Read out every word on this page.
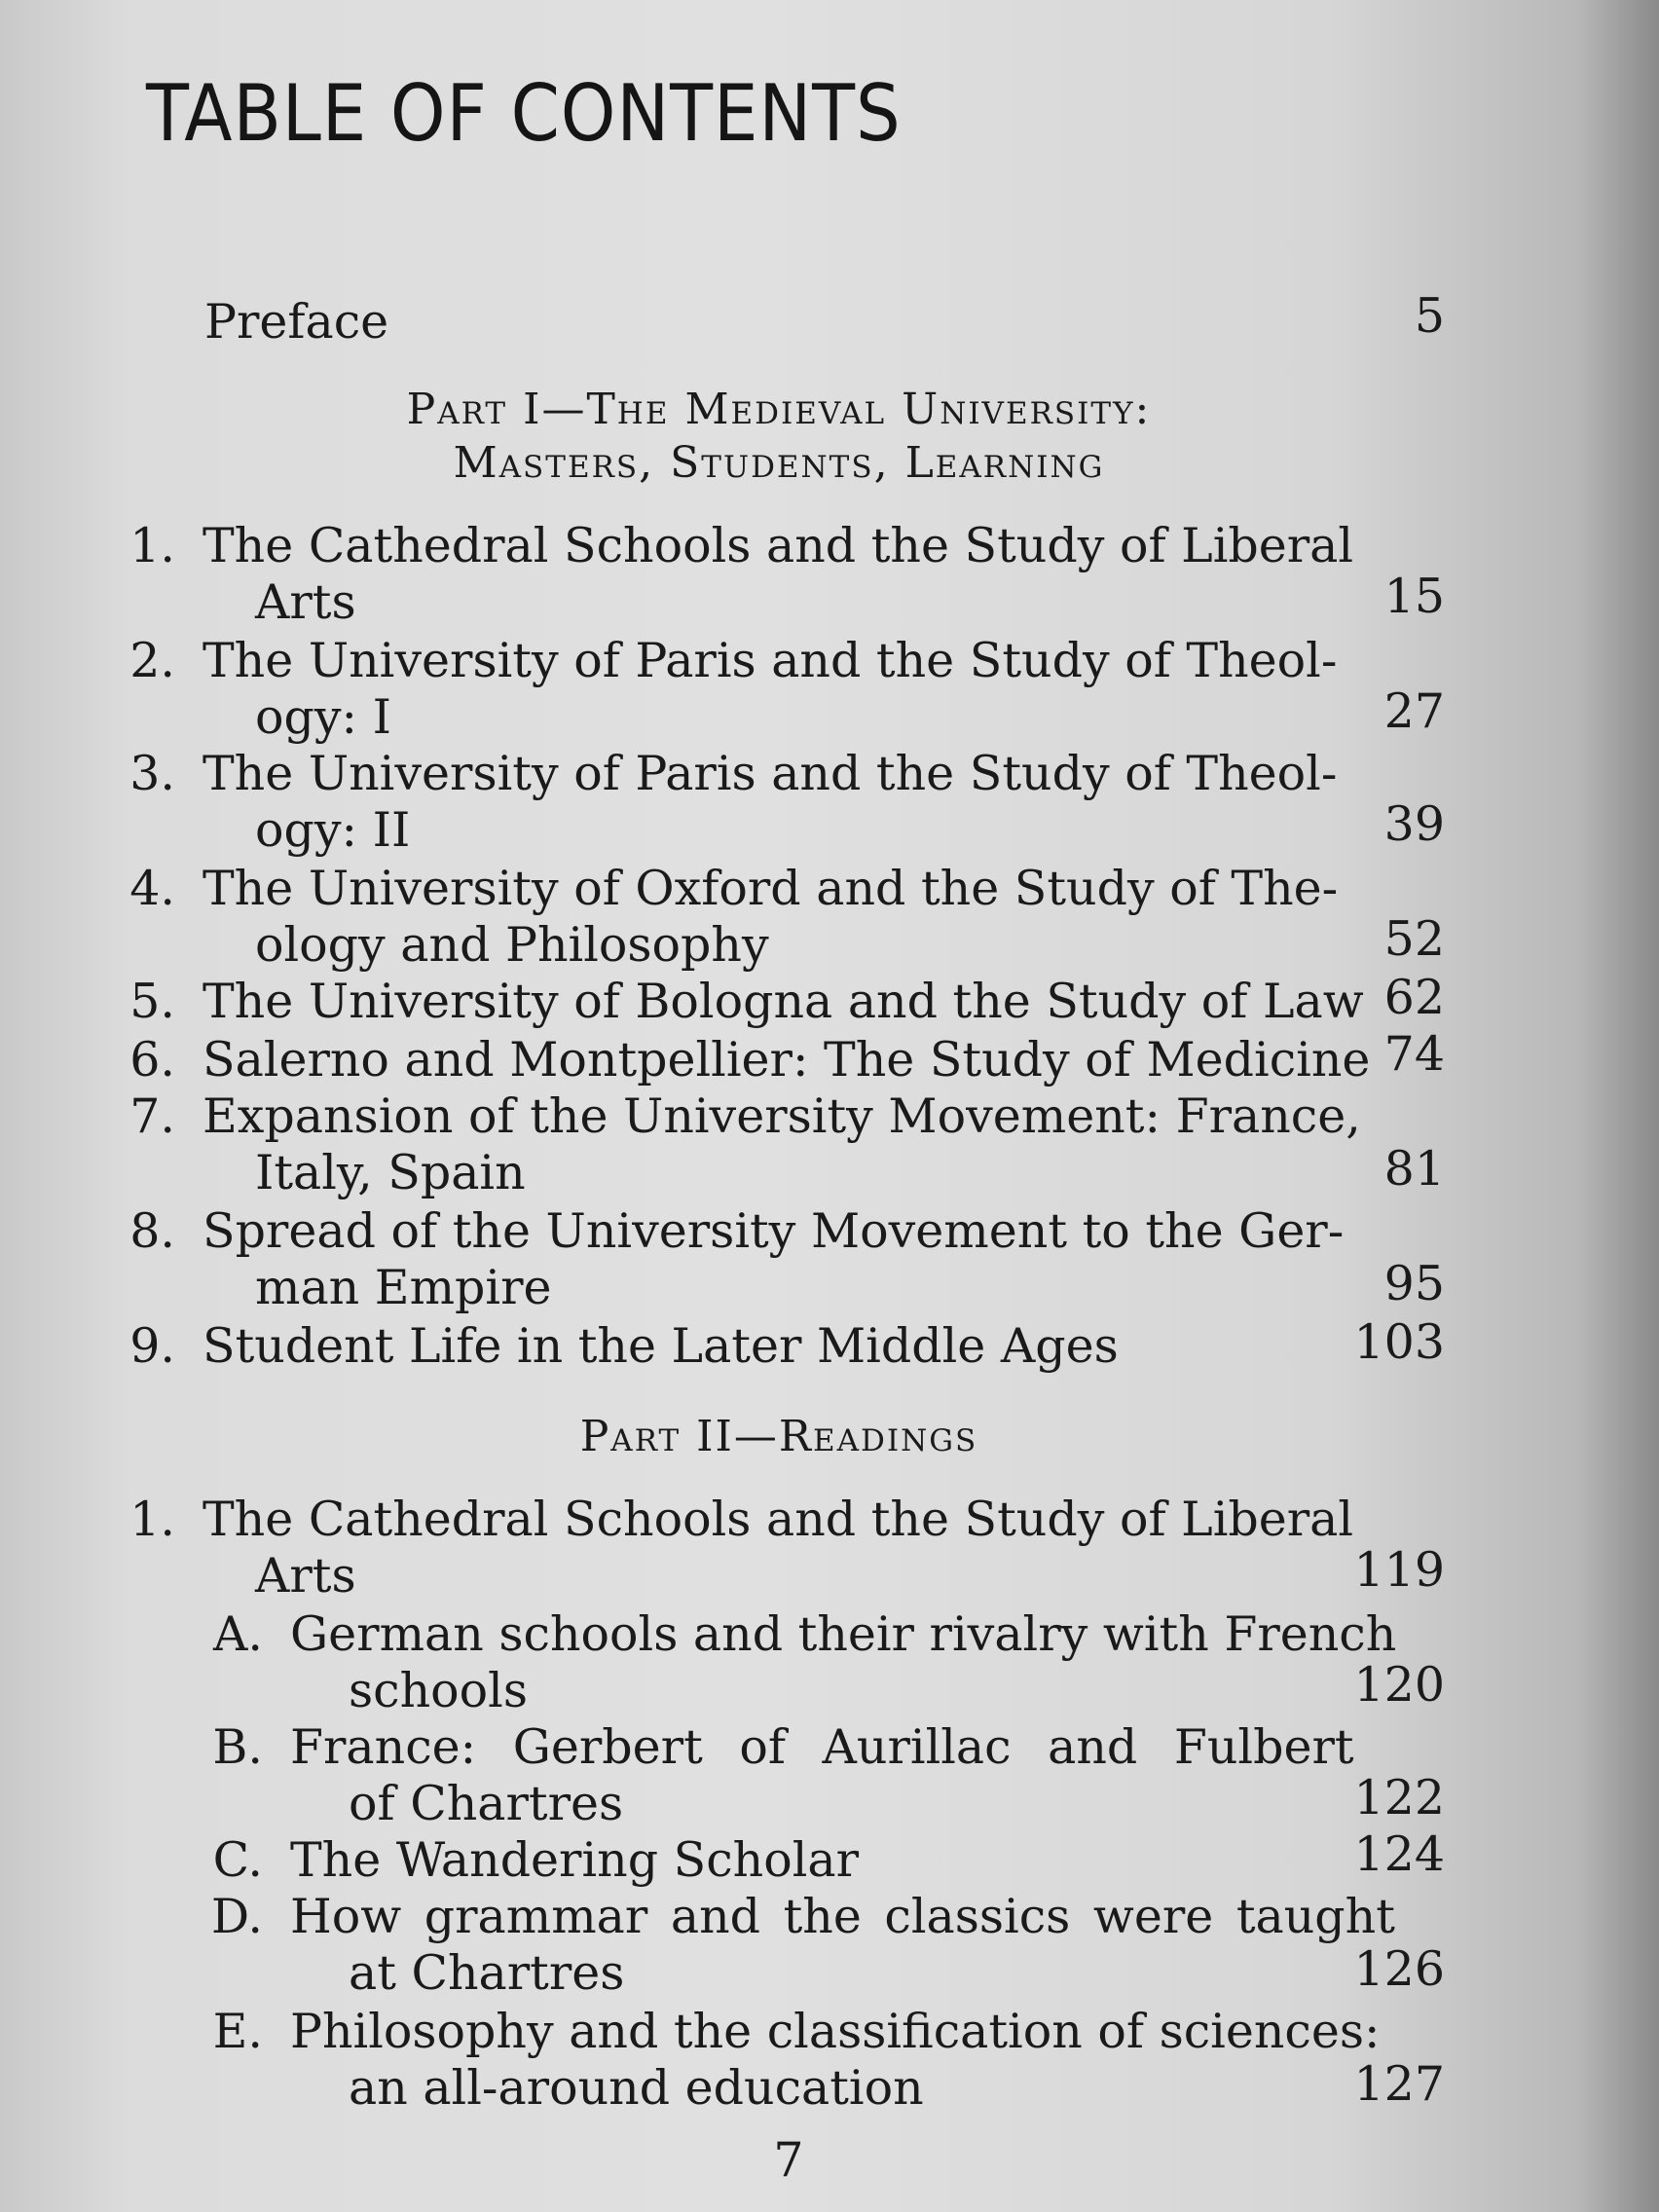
TABLE OF CONTENTS
Preface	5
Part I—The Medieval University:
Masters, Students, Learning
1. The Cathedral Schools and the Study of Liberal
Arts	15
2. The University of Paris and the Study of Theol-
ogy: I	27
3. The University of Paris and the Study of Theol-
ogy: II	39
4. The University of Oxford and the Study of The-
ology and Philosophy	52
5. The University of Bologna and the Study of Law 62
6. Salerno and Montpellier: The Study of Medicine 74
7. Expansion of the University Movement: France,
Italy, Spain	81
8. Spread of the University Movement to the Ger-
man Empire	95
9. Student Life in the Later Middle Ages	103
Part II—Readings
1. The Cathedral Schools and the Study of Liberal
Arts	119
A. German schools and their rivalry with French
schools	120
B. France: Gerbert of Aurillac and Fulbert
of Chartres	122
C. The Wandering Scholar	124
D. How grammar and the classics were taught
at Chartres	126
E. Philosophy and the classification of sciences:
an all-around education	127
7
